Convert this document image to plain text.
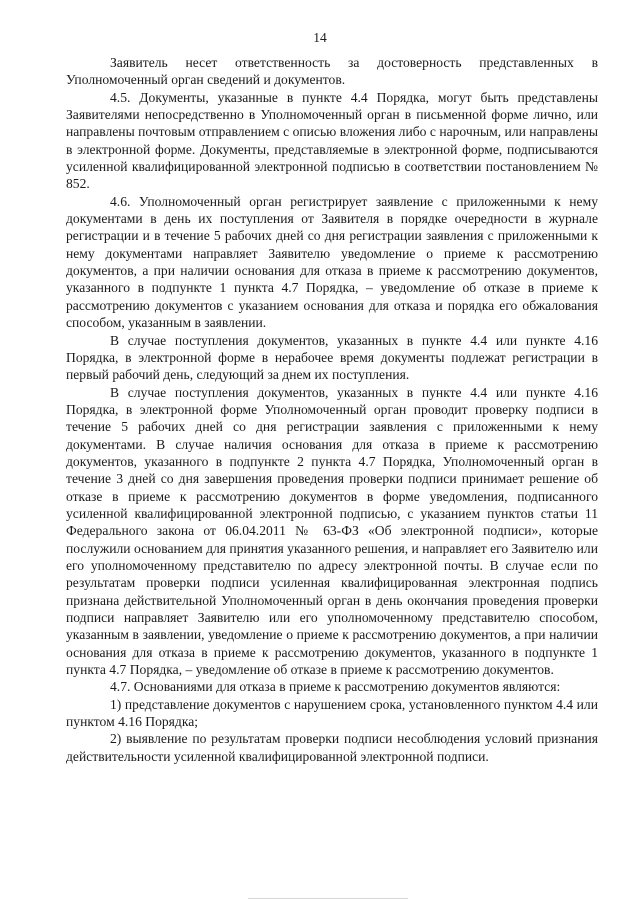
14

Заявитель несет ответственность за достоверность представленных в Уполномоченный орган сведений и документов.

4.5. Документы, указанные в пункте 4.4 Порядка, могут быть представлены Заявителями непосредственно в Уполномоченный орган в письменной форме лично, или направлены почтовым отправлением с описью вложения либо с нарочным, или направлены в электронной форме. Документы, представляемые в электронной форме, подписываются усиленной квалифицированной электронной подписью в соответствии постановлением № 852.

4.6. Уполномоченный орган регистрирует заявление с приложенными к нему документами в день их поступления от Заявителя в порядке очередности в журнале регистрации и в течение 5 рабочих дней со дня регистрации заявления с приложенными к нему документами направляет Заявителю уведомление о приеме к рассмотрению документов, а при наличии основания для отказа в приеме к рассмотрению документов, указанного в подпункте 1 пункта 4.7 Порядка, – уведомление об отказе в приеме к рассмотрению документов с указанием основания для отказа и порядка его обжалования способом, указанным в заявлении.

В случае поступления документов, указанных в пункте 4.4 или пункте 4.16 Порядка, в электронной форме в нерабочее время документы подлежат регистрации в первый рабочий день, следующий за днем их поступления.

В случае поступления документов, указанных в пункте 4.4 или пункте 4.16 Порядка, в электронной форме Уполномоченный орган проводит проверку подписи в течение 5 рабочих дней со дня регистрации заявления с приложенными к нему документами. В случае наличия основания для отказа в приеме к рассмотрению документов, указанного в подпункте 2 пункта 4.7 Порядка, Уполномоченный орган в течение 3 дней со дня завершения проведения проверки подписи принимает решение об отказе в приеме к рассмотрению документов в форме уведомления, подписанного усиленной квалифицированной электронной подписью, с указанием пунктов статьи 11 Федерального закона от 06.04.2011 № 63-ФЗ «Об электронной подписи», которые послужили основанием для принятия указанного решения, и направляет его Заявителю или его уполномоченному представителю по адресу электронной почты. В случае если по результатам проверки подписи усиленная квалифицированная электронная подпись признана действительной Уполномоченный орган в день окончания проведения проверки подписи направляет Заявителю или его уполномоченному представителю способом, указанным в заявлении, уведомление о приеме к рассмотрению документов, а при наличии основания для отказа в приеме к рассмотрению документов, указанного в подпункте 1 пункта 4.7 Порядка, – уведомление об отказе в приеме к рассмотрению документов.

4.7. Основаниями для отказа в приеме к рассмотрению документов являются:

1) представление документов с нарушением срока, установленного пунктом 4.4 или пунктом 4.16 Порядка;

2) выявление по результатам проверки подписи несоблюдения условий признания действительности усиленной квалифицированной электронной подписи.
